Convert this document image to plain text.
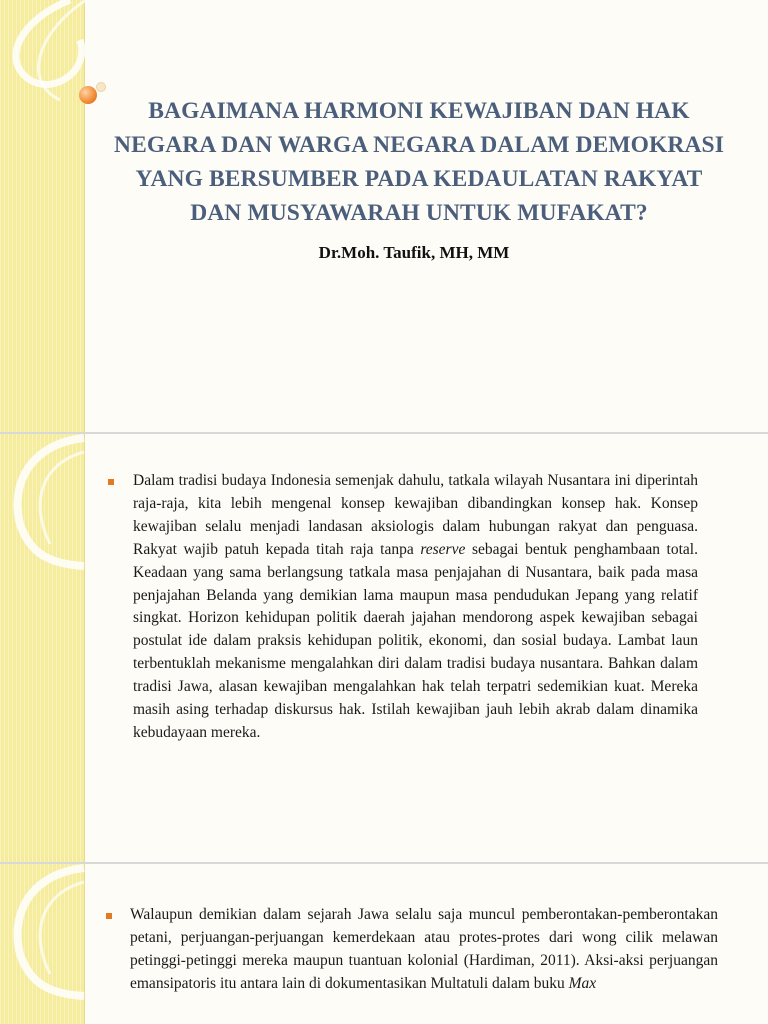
BAGAIMANA HARMONI KEWAJIBAN DAN HAK
NEGARA DAN WARGA NEGARA DALAM DEMOKRASI
YANG BERSUMBER PADA KEDAULATAN RAKYAT
DAN MUSYAWARAH UNTUK MUFAKAT?
Dr.Moh. Taufik, MH, MM

Dalam tradisi budaya Indonesia semenjak dahulu, tatkala wilayah Nusantara ini diperintah raja-raja, kita lebih mengenal konsep kewajiban dibandingkan konsep hak. Konsep kewajiban selalu menjadi landasan aksiologis dalam hubungan rakyat dan penguasa. Rakyat wajib patuh kepada titah raja tanpa reserve sebagai bentuk penghambaan total. Keadaan yang sama berlangsung tatkala masa penjajahan di Nusantara, baik pada masa penjajahan Belanda yang demikian lama maupun masa pendudukan Jepang yang relatif singkat. Horizon kehidupan politik daerah jajahan mendorong aspek kewajiban sebagai postulat ide dalam praksis kehidupan politik, ekonomi, dan sosial budaya. Lambat laun terbentuklah mekanisme mengalahkan diri dalam tradisi budaya nusantara. Bahkan dalam tradisi Jawa, alasan kewajiban mengalahkan hak telah terpatri sedemikian kuat. Mereka masih asing terhadap diskursus hak. Istilah kewajiban jauh lebih akrab dalam dinamika kebudayaan mereka.

Walaupun demikian dalam sejarah Jawa selalu saja muncul pemberontakan-pemberontakan petani, perjuangan-perjuangan kemerdekaan atau protes-protes dari wong cilik melawan petinggi-petinggi mereka maupun tuantuan kolonial (Hardiman, 2011). Aksi-aksi perjuangan emansipatoris itu antara lain di dokumentasikan Multatuli dalam buku Max
